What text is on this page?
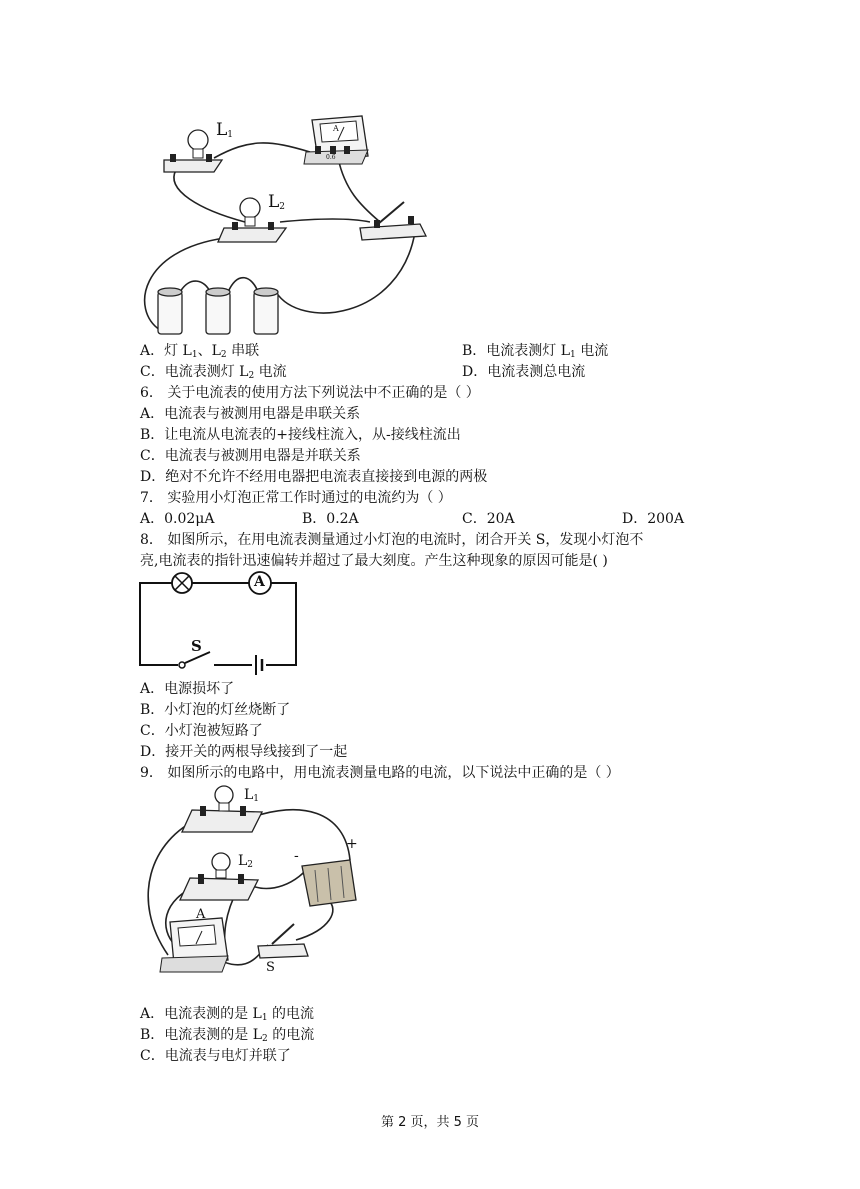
$L_1$
$L_2$
A
0.6
A．灯 $L_1$、$L_2$ 串联	B．电流表测灯 $L_1$ 电流
C．电流表测灯 $L_2$ 电流	D．电流表测总电流
6． 关于电流表的使用方法下列说法中不正确的是（ ）
A．电流表与被测用电器是串联关系
B．让电流从电流表的+接线柱流入，从-接线柱流出
C．电流表与被测用电器是并联关系
D．绝对不允许不经用电器把电流表直接接到电源的两极
7． 实验用小灯泡正常工作时通过的电流约为（ ）
A．0.02μA	B．0.2A	C．20A	D．200A
8． 如图所示，在用电流表测量通过小灯泡的电流时，闭合开关 S，发现小灯泡不
亮,电流表的指针迅速偏转并超过了最大刻度。产生这种现象的原因可能是( )
A
S
A．电源损坏了
B．小灯泡的灯丝烧断了
C．小灯泡被短路了
D．接开关的两根导线接到了一起
9． 如图所示的电路中，用电流表测量电路的电流，以下说法中正确的是（ ）
$L_1$
$L_2$
-
+
A
S
A．电流表测的是 $L_1$ 的电流
B．电流表测的是 $L_2$ 的电流
C．电流表与电灯并联了
第 2 页，共 5 页
